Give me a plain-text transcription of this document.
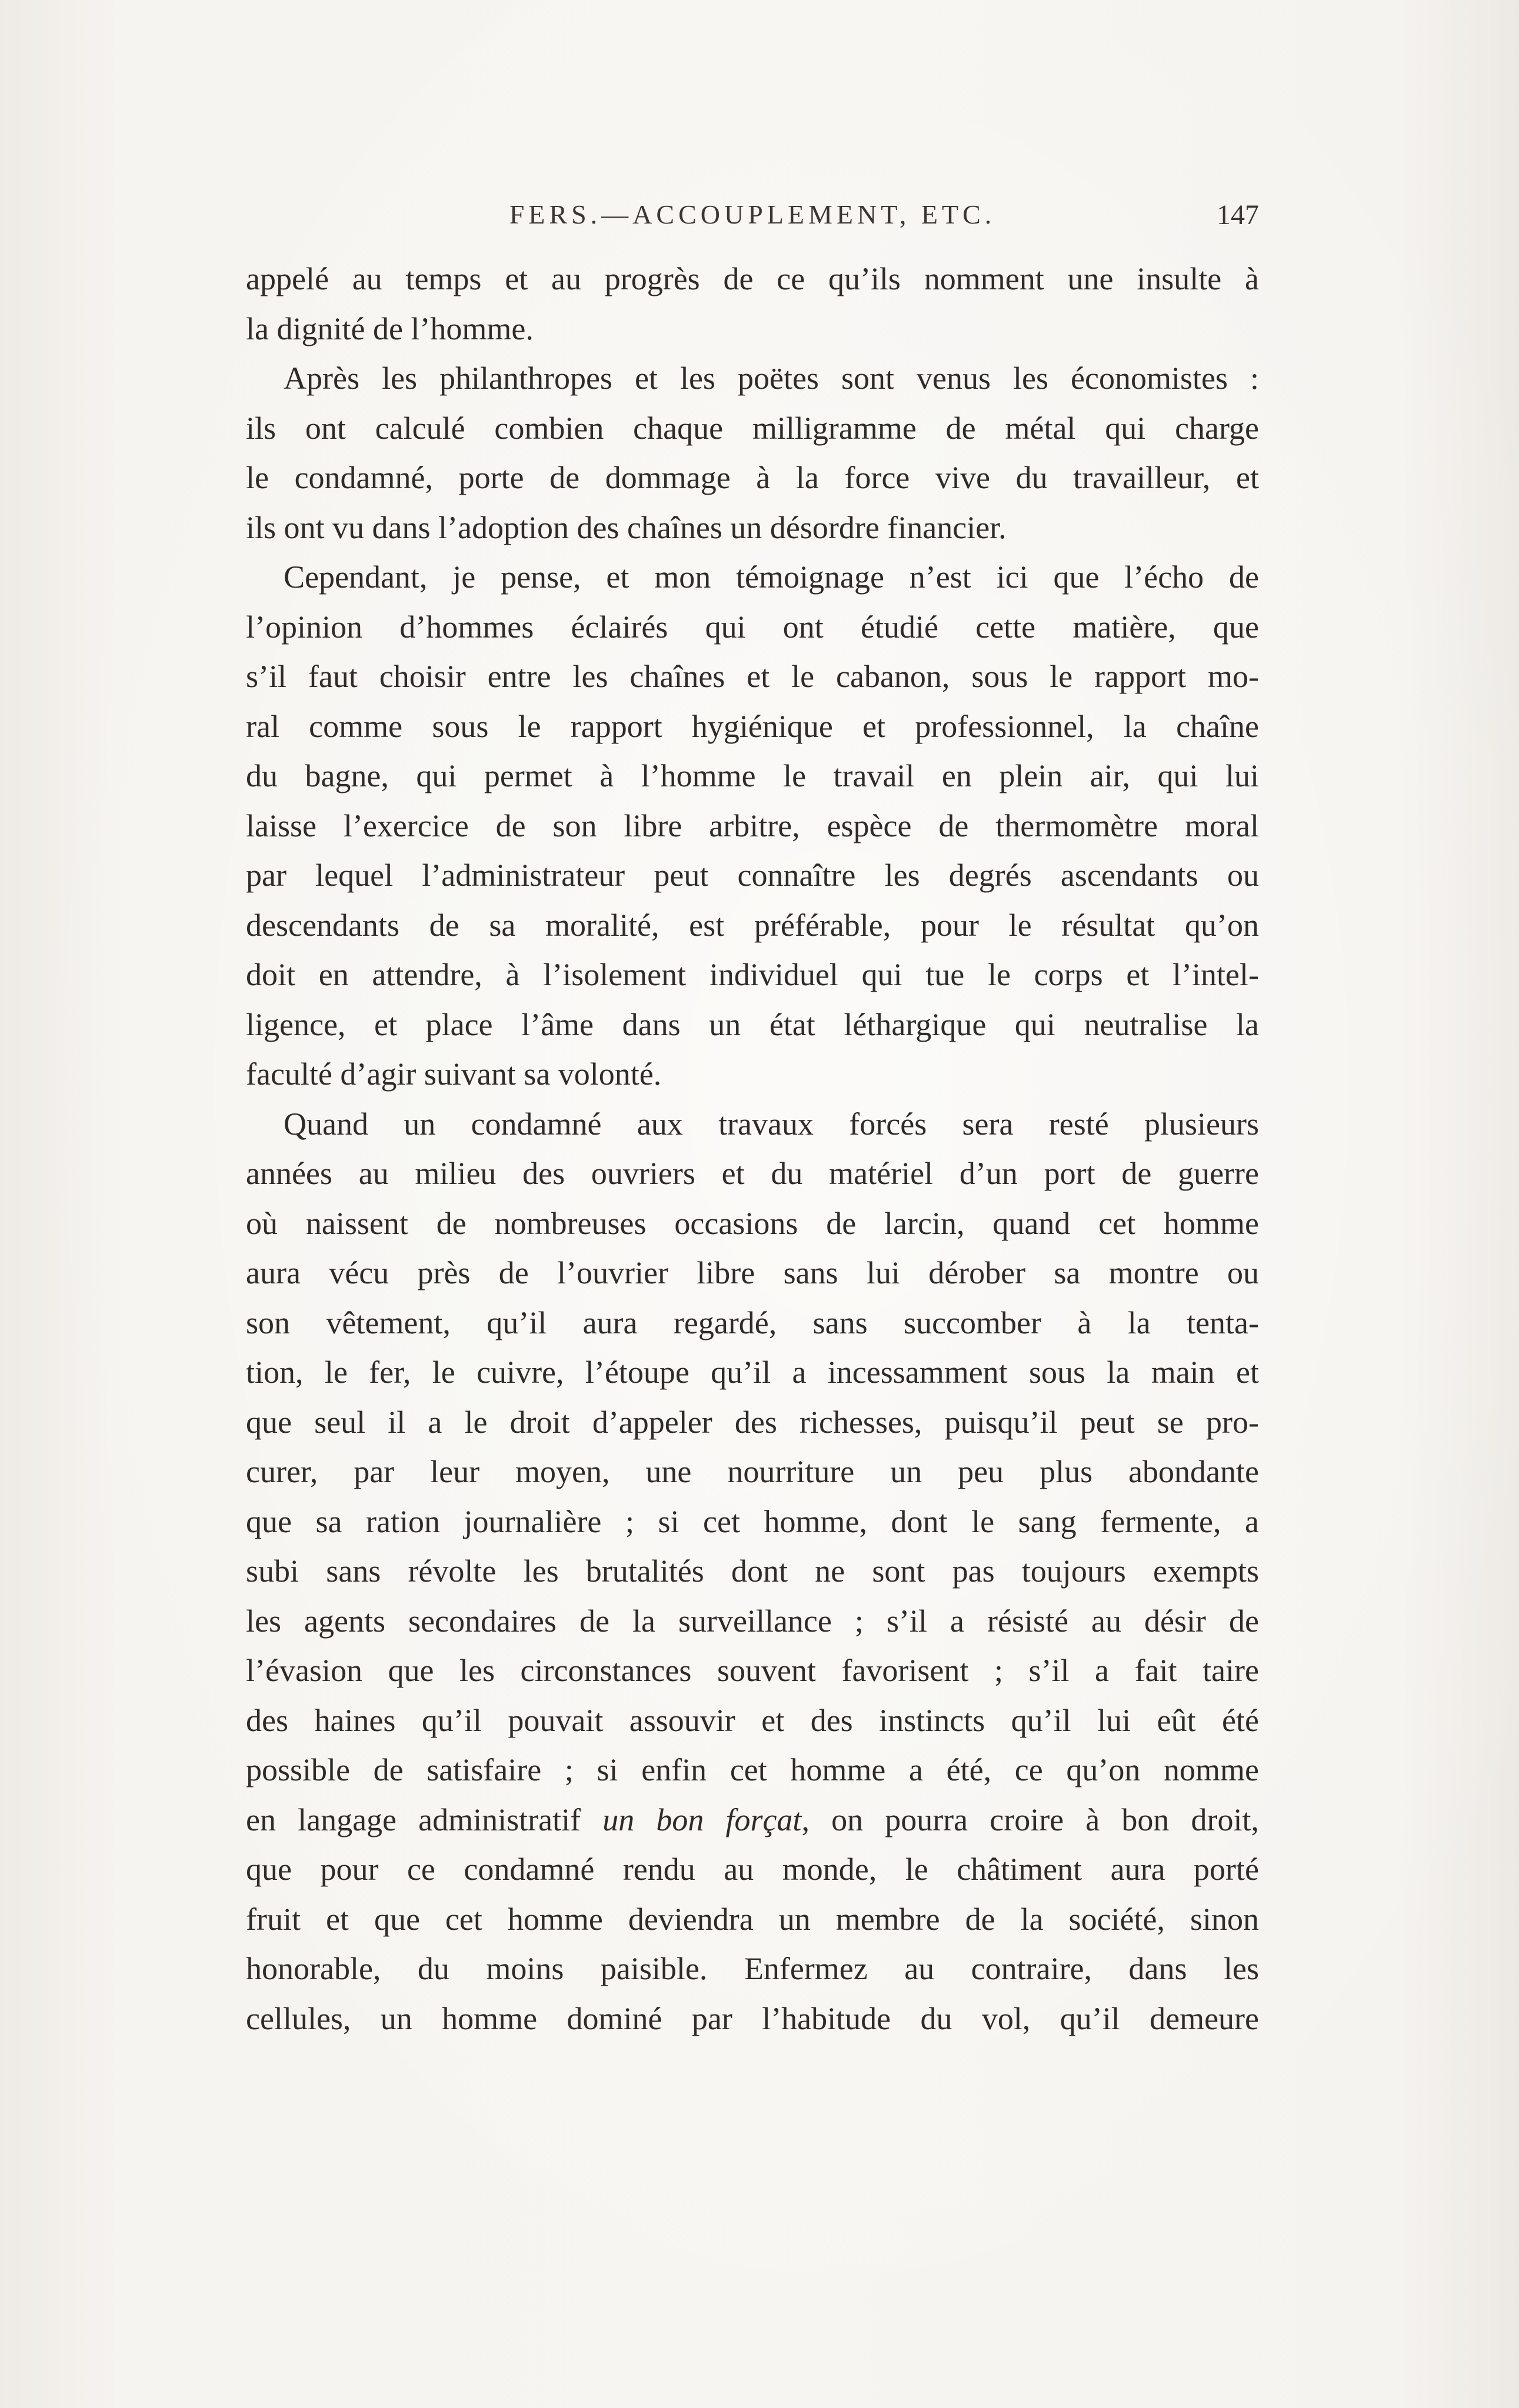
FERS.—ACCOUPLEMENT, ETC.	147

appelé au temps et au progrès de ce qu’ils nomment une insulte à
la dignité de l’homme.

Après les philanthropes et les poëtes sont venus les économistes :
ils ont calculé combien chaque milligramme de métal qui charge
le condamné, porte de dommage à la force vive du travailleur, et
ils ont vu dans l’adoption des chaînes un désordre financier.

Cependant, je pense, et mon témoignage n’est ici que l’écho de
l’opinion d’hommes éclairés qui ont étudié cette matière, que
s’il faut choisir entre les chaînes et le cabanon, sous le rapport mo-
ral comme sous le rapport hygiénique et professionnel, la chaîne
du bagne, qui permet à l’homme le travail en plein air, qui lui
laisse l’exercice de son libre arbitre, espèce de thermomètre moral
par lequel l’administrateur peut connaître les degrés ascendants ou
descendants de sa moralité, est préférable, pour le résultat qu’on
doit en attendre, à l’isolement individuel qui tue le corps et l’intel-
ligence, et place l’âme dans un état léthargique qui neutralise la
faculté d’agir suivant sa volonté.

Quand un condamné aux travaux forcés sera resté plusieurs
années au milieu des ouvriers et du matériel d’un port de guerre
où naissent de nombreuses occasions de larcin, quand cet homme
aura vécu près de l’ouvrier libre sans lui dérober sa montre ou
son vêtement, qu’il aura regardé, sans succomber à la tenta-
tion, le fer, le cuivre, l’étoupe qu’il a incessamment sous la main et
que seul il a le droit d’appeler des richesses, puisqu’il peut se pro-
curer, par leur moyen, une nourriture un peu plus abondante
que sa ration journalière ; si cet homme, dont le sang fermente, a
subi sans révolte les brutalités dont ne sont pas toujours exempts
les agents secondaires de la surveillance ; s’il a résisté au désir de
l’évasion que les circonstances souvent favorisent ; s’il a fait taire
des haines qu’il pouvait assouvir et des instincts qu’il lui eût été
possible de satisfaire ; si enfin cet homme a été, ce qu’on nomme
en langage administratif un bon forçat, on pourra croire à bon droit,
que pour ce condamné rendu au monde, le châtiment aura porté
fruit et que cet homme deviendra un membre de la société, sinon
honorable, du moins paisible. Enfermez au contraire, dans les
cellules, un homme dominé par l’habitude du vol, qu’il demeure
